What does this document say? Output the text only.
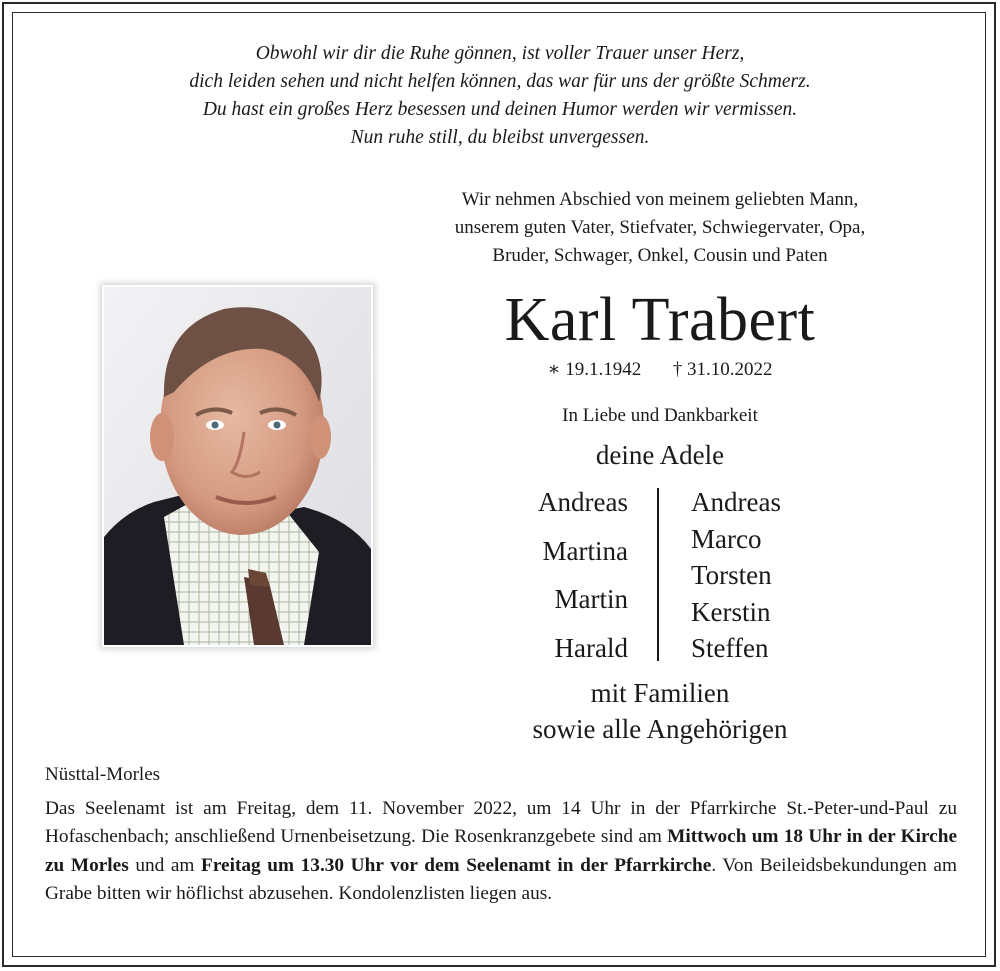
Obwohl wir dir die Ruhe gönnen, ist voller Trauer unser Herz,
dich leiden sehen und nicht helfen können, das war für uns der größte Schmerz.
Du hast ein großes Herz besessen und deinen Humor werden wir vermissen.
Nun ruhe still, du bleibst unvergessen.
Wir nehmen Abschied von meinem geliebten Mann,
unserem guten Vater, Stiefvater, Schwiegervater, Opa,
Bruder, Schwager, Onkel, Cousin und Paten
Karl Trabert
∗ 19.1.1942 † 31.10.2022
In Liebe und Dankbarkeit
deine Adele
Andreas
Martina
Martin
Harald
Andreas
Marco
Torsten
Kerstin
Steffen
mit Familien
sowie alle Angehörigen
Nüsttal-Morles
Das Seelenamt ist am Freitag, dem 11. November 2022, um 14 Uhr in der Pfarrkirche St.-Peter-und-Paul zu Hofaschenbach; anschließend Urnenbeisetzung. Die Rosenkranzgebete sind am Mittwoch um 18 Uhr in der Kirche zu Morles und am Freitag um 13.30 Uhr vor dem Seelenamt in der Pfarrkirche. Von Beileidsbekundungen am Grabe bitten wir höflichst abzusehen. Kondolenzlisten liegen aus.
